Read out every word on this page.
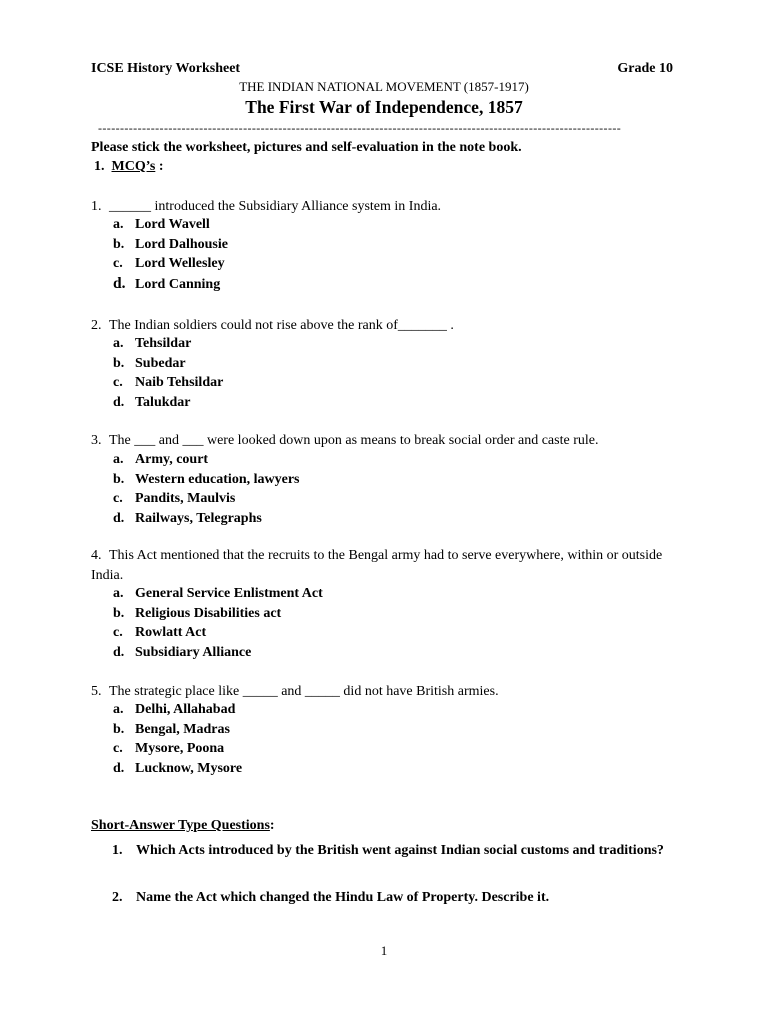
ICSE History Worksheet	Grade 10
THE INDIAN NATIONAL MOVEMENT (1857-1917)
The First War of Independence, 1857
-----------------------------------------------------------------------------------------------------------------------
Please stick the worksheet, pictures and self-evaluation in the note book.
1. MCQ’s :
1. ______ introduced the Subsidiary Alliance system in India.
a. Lord Wavell
b. Lord Dalhousie
c. Lord Wellesley
d. Lord Canning
2. The Indian soldiers could not rise above the rank of_______ .
a. Tehsildar
b. Subedar
c. Naib Tehsildar
d. Talukdar
3. The ___ and ___ were looked down upon as means to break social order and caste rule.
a. Army, court
b. Western education, lawyers
c. Pandits, Maulvis
d. Railways, Telegraphs
4. This Act mentioned that the recruits to the Bengal army had to serve everywhere, within or outside India.
a. General Service Enlistment Act
b. Religious Disabilities act
c. Rowlatt Act
d. Subsidiary Alliance
5. The strategic place like _____ and _____ did not have British armies.
a. Delhi, Allahabad
b. Bengal, Madras
c. Mysore, Poona
d. Lucknow, Mysore
Short-Answer Type Questions:
1. Which Acts introduced by the British went against Indian social customs and traditions?
2. Name the Act which changed the Hindu Law of Property. Describe it.
1
